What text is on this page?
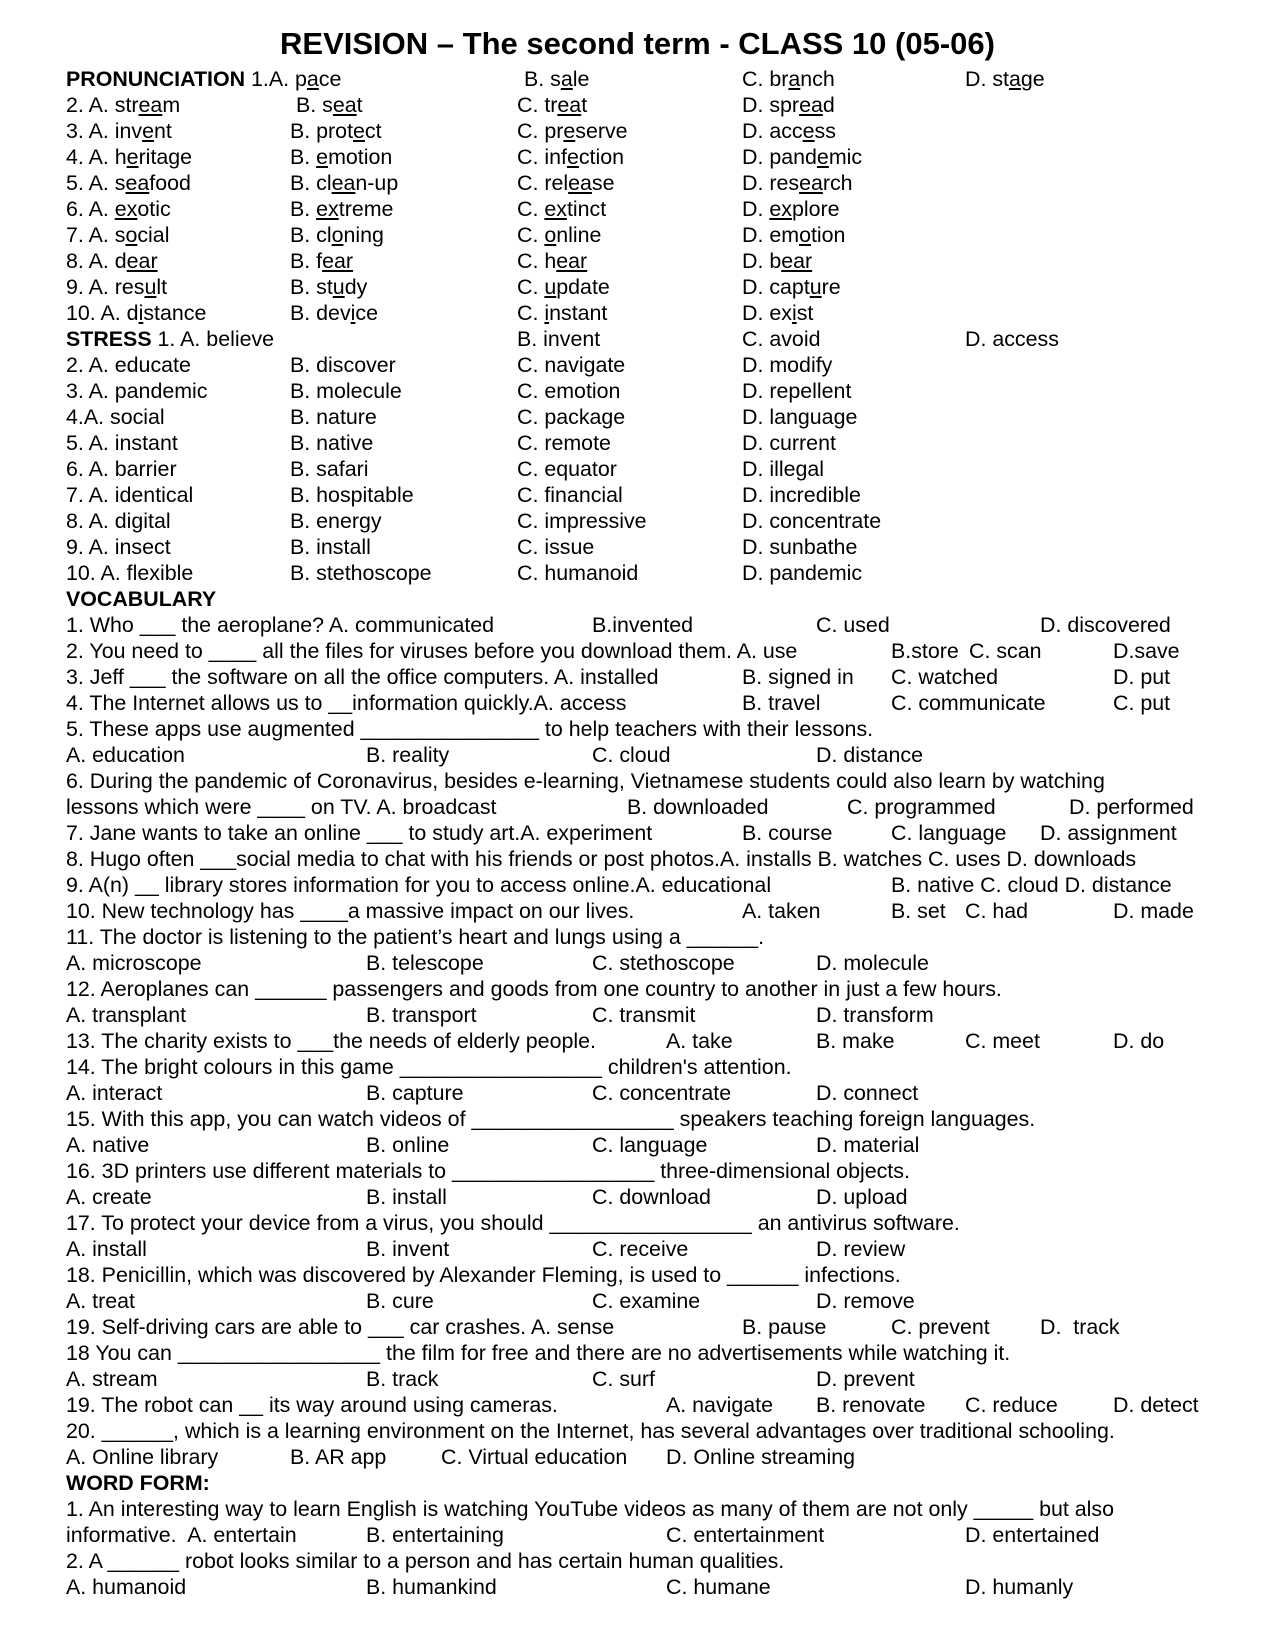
REVISION – The second term - CLASS 10 (05-06)
PRONUNCIATION 1.A. pace	B. sale	C. branch	D. stage
2. A. stream	B. seat	C. treat	D. spread
3. A. invent	B. protect	C. preserve	D. access
4. A. heritage	B. emotion	C. infection	D. pandemic
5. A. seafood	B. clean-up	C. release	D. research
6. A. exotic	B. extreme	C. extinct	D. explore
7. A. social	B. cloning	C. online	D. emotion
8. A. dear	B. fear	C. hear	D. bear
9. A. result	B. study	C. update	D. capture
10. A. distance	B. device	C. instant	D. exist
STRESS 1. A. believe	B. invent	C. avoid	D. access
2. A. educate	B. discover	C. navigate	D. modify
3. A. pandemic	B. molecule	C. emotion	D. repellent
4.A. social	B. nature	C. package	D. language
5. A. instant	B. native	C. remote	D. current
6. A. barrier	B. safari	C. equator	D. illegal
7. A. identical	B. hospitable	C. financial	D. incredible
8. A. digital	B. energy	C. impressive	D. concentrate
9. A. insect	B. install	C. issue	D. sunbathe
10. A. flexible	B. stethoscope	C. humanoid	D. pandemic
VOCABULARY
1. Who ___ the aeroplane? A. communicated	B.invented	C. used	D. discovered
2. You need to ____ all the files for viruses before you download them. A. use	B.store C. scan	D.save
3. Jeff ___ the software on all the office computers. A. installed	B. signed in C. watched	D. put
4. The Internet allows us to __information quickly.A. access	B. travel	C. communicate	C. put
5. These apps use augmented _______________ to help teachers with their lessons.
A. education	B. reality	C. cloud	D. distance
6. During the pandemic of Coronavirus, besides e-learning, Vietnamese students could also learn by watching
lessons which were ____ on TV. A. broadcast	B. downloaded	C. programmed	D. performed
7. Jane wants to take an online ___ to study art.A. experiment	B. course	C. language D. assignment
8. Hugo often ___social media to chat with his friends or post photos.A. installs B. watches C. uses D. downloads
9. A(n) __ library stores information for you to access online.A. educational	B. native C. cloud D. distance
10. New technology has ____a massive impact on our lives.	A. taken	B. set C. had	D. made
11. The doctor is listening to the patient’s heart and lungs using a ______.
A. microscope	B. telescope	C. stethoscope	D. molecule
12. Aeroplanes can ______ passengers and goods from one country to another in just a few hours.
A. transplant	B. transport	C. transmit	D. transform
13. The charity exists to ___the needs of elderly people.	A. take	B. make	C. meet	D. do
14. The bright colours in this game _________________ children's attention.
A. interact	B. capture	C. concentrate	D. connect
15. With this app, you can watch videos of _________________ speakers teaching foreign languages.
A. native	B. online	C. language	D. material
16. 3D printers use different materials to _________________ three-dimensional objects.
A. create	B. install	C. download	D. upload
17. To protect your device from a virus, you should _________________ an antivirus software.
A. install	B. invent	C. receive	D. review
18. Penicillin, which was discovered by Alexander Fleming, is used to ______ infections.
A. treat	B. cure	C. examine	D. remove
19. Self-driving cars are able to ___ car crashes. A. sense	B. pause	C. prevent D.  track
18 You can _________________ the film for free and there are no advertisements while watching it.
A. stream	B. track	C. surf	D. prevent
19. The robot can __ its way around using cameras.	A. navigate B. renovate C. reduce	D. detect
20. ______, which is a learning environment on the Internet, has several advantages over traditional schooling.
A. Online library	B. AR app	C. Virtual education D. Online streaming
WORD FORM:
1. An interesting way to learn English is watching YouTube videos as many of them are not only _____ but also
informative.  A. entertain	B. entertaining	C. entertainment	D. entertained
2. A ______ robot looks similar to a person and has certain human qualities.
A. humanoid	B. humankind	C. humane	D. humanly
